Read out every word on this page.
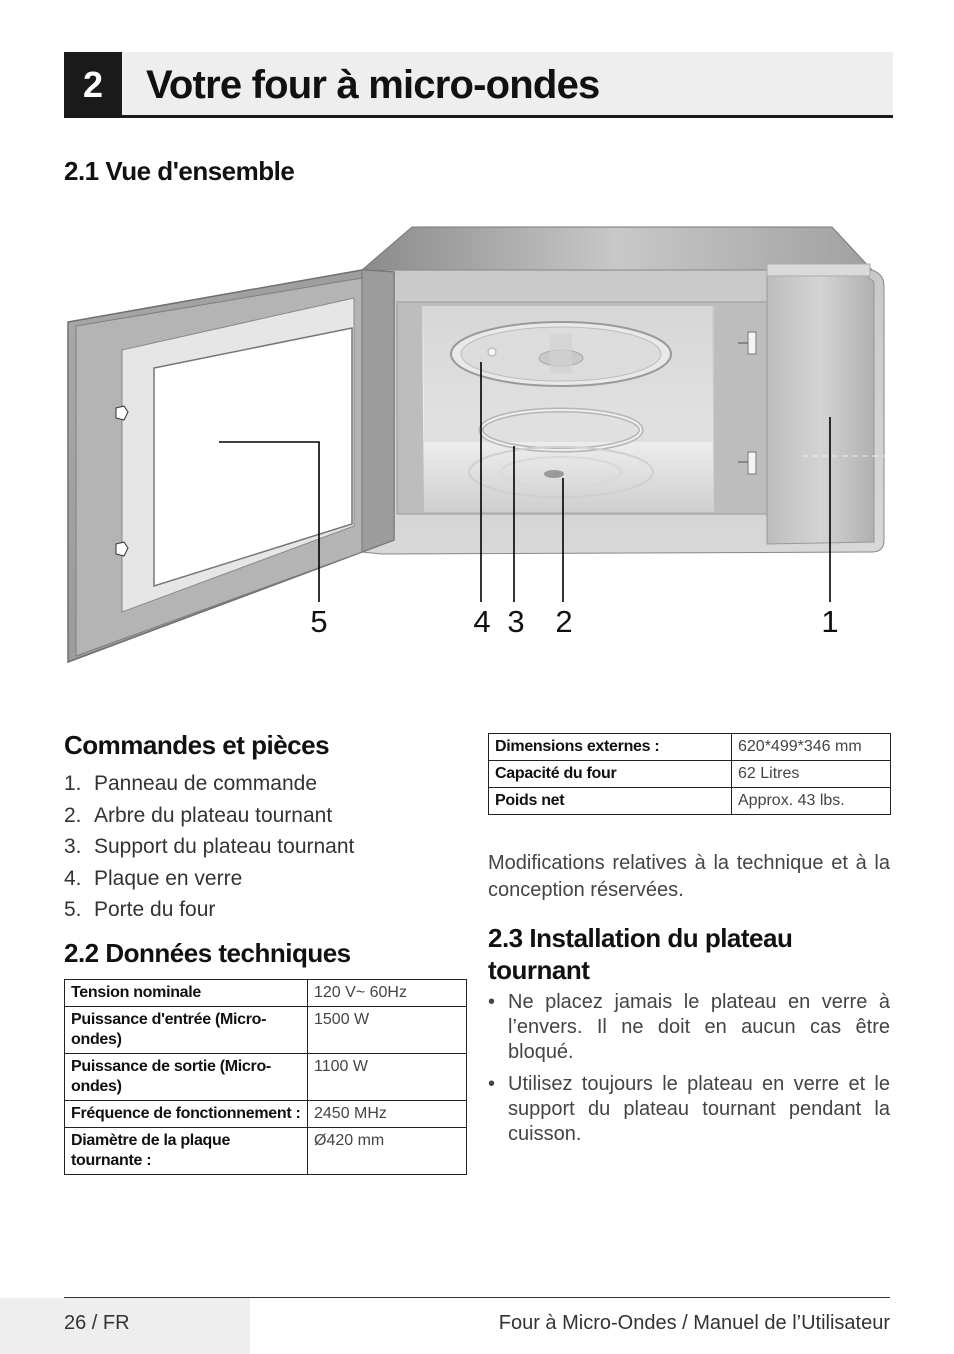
2	Votre four à micro-ondes
2.1 Vue d'ensemble
5	4 3 2	1
Commandes et pièces
1. Panneau de commande
2. Arbre du plateau tournant
3. Support du plateau tournant
4. Plaque en verre
5. Porte du four
2.2 Données techniques
Tension nominale	120 V~ 60Hz
Puissance d'entrée (Micro-ondes)	1500 W
Puissance de sortie (Micro-ondes)	1100 W
Fréquence de fonctionnement :	2450 MHz
Diamètre de la plaque tournante :	Ø420 mm
Dimensions externes :	620*499*346 mm
Capacité du four	62 Litres
Poids net	Approx. 43 lbs.
Modifications relatives à la technique et à la conception réservées.
2.3 Installation du plateau tournant
• Ne placez jamais le plateau en verre à l’envers. Il ne doit en aucun cas être bloqué.
• Utilisez toujours le plateau en verre et le support du plateau tournant pendant la cuisson.
26 / FR	Four à Micro-Ondes / Manuel de l’Utilisateur
